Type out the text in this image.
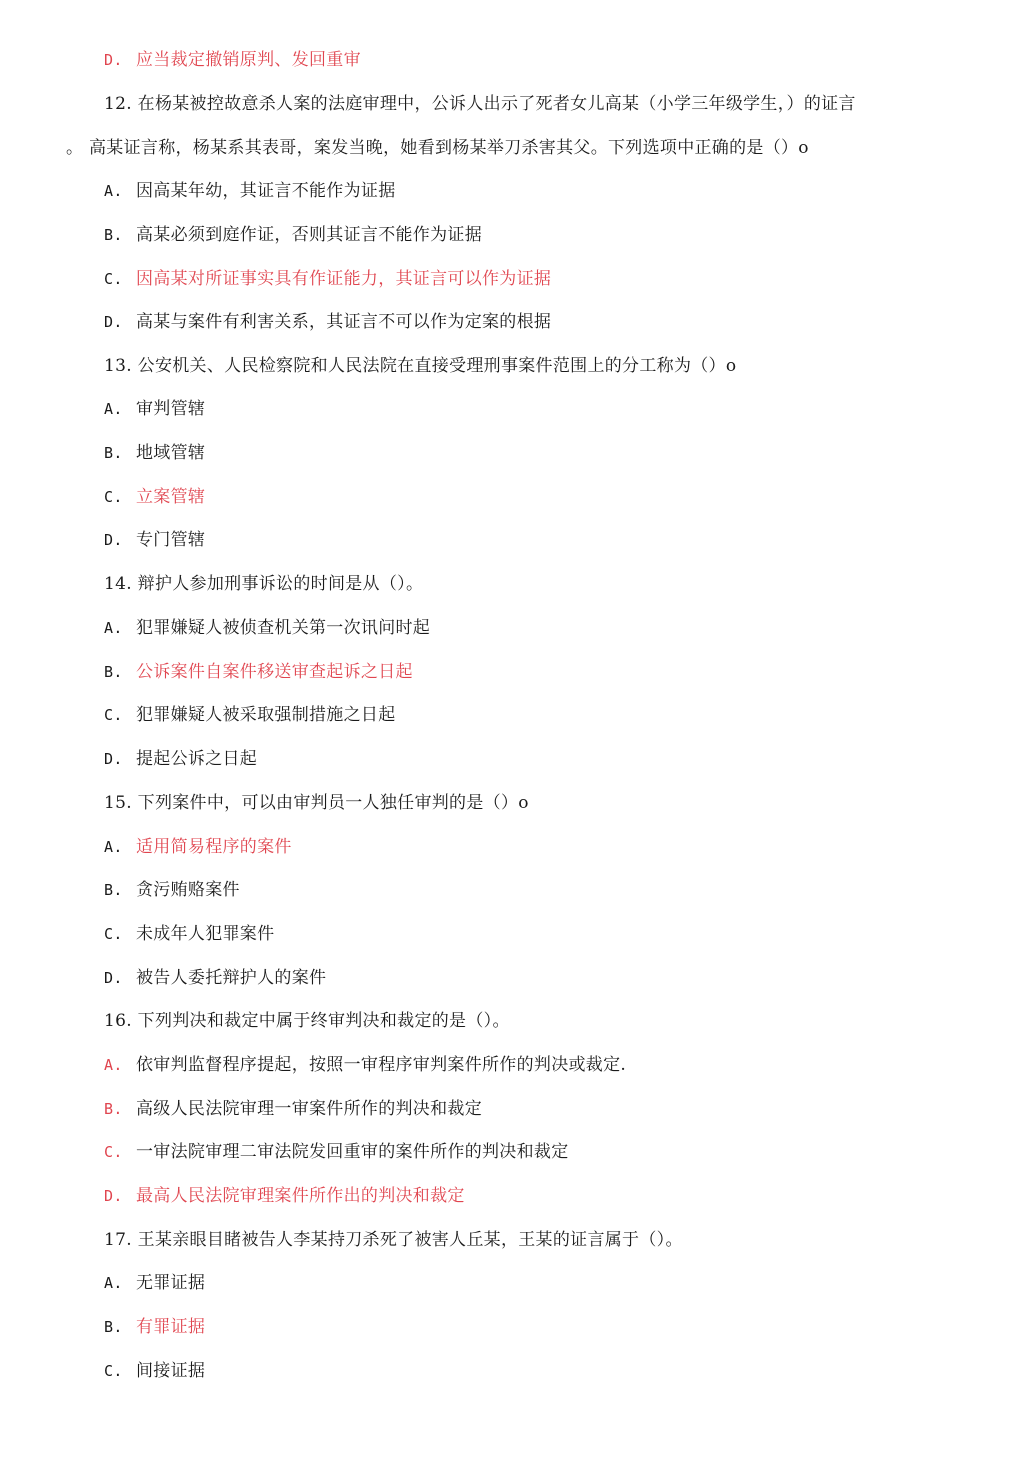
D. 应当裁定撤销原判、发回重审
12. 在杨某被控故意杀人案的法庭审理中，公诉人出示了死者女儿高某（小学三年级学生，）的证言
。 高某证言称，杨某系其表哥，案发当晚，她看到杨某举刀杀害其父。下列选项中正确的是（）o
A. 因高某年幼，其证言不能作为证据
B. 高某必须到庭作证，否则其证言不能作为证据
C. 因高某对所证事实具有作证能力，其证言可以作为证据
D. 高某与案件有利害关系，其证言不可以作为定案的根据
13. 公安机关、人民检察院和人民法院在直接受理刑事案件范围上的分工称为（）o
A. 审判管辖
B. 地域管辖
C. 立案管辖
D. 专门管辖
14. 辩护人参加刑事诉讼的时间是从（）。
A. 犯罪嫌疑人被侦查机关第一次讯问时起
B. 公诉案件自案件移送审查起诉之日起
C. 犯罪嫌疑人被采取强制措施之日起
D. 提起公诉之日起
15. 下列案件中，可以由审判员一人独任审判的是（）o
A. 适用简易程序的案件
B. 贪污贿赂案件
C. 未成年人犯罪案件
D. 被告人委托辩护人的案件
16. 下列判决和裁定中属于终审判决和裁定的是（）。
A. 依审判监督程序提起，按照一审程序审判案件所作的判决或裁定.
B. 高级人民法院审理一审案件所作的判决和裁定
C. 一审法院审理二审法院发回重审的案件所作的判决和裁定
D. 最高人民法院审理案件所作出的判决和裁定
17. 王某亲眼目睹被告人李某持刀杀死了被害人丘某，王某的证言属于（）。
A. 无罪证据
B. 有罪证据
C. 间接证据
